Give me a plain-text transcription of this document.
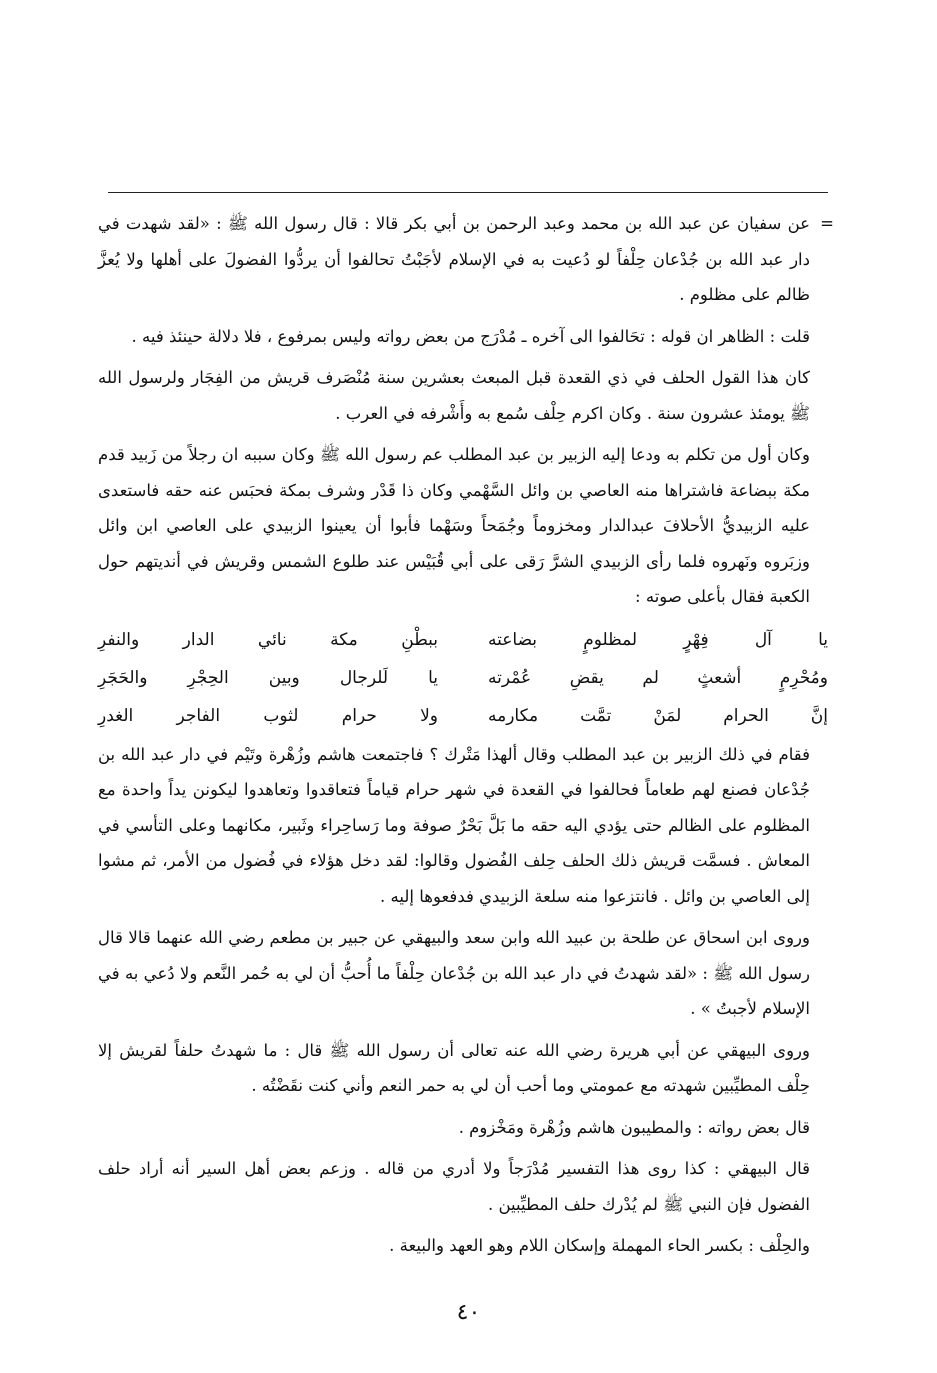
=
عن سفيان عن عبد الله بن محمد وعبد الرحمن بن أبي بكر قالا : قال رسول الله ﷺ : «لقد شهدت في دار عبد الله بن جُدْعان حِلْفاً لو دُعيت به في الإسلام لأجَبْتُ تحالفوا أن يردُّوا الفضولَ على أهلها ولا يُعزَّ ظالم على مظلوم .

قلت : الظاهر ان قوله : تحَالفوا الى آخره ـ مُدْرَج من بعض رواته وليس بمرفوع ، فلا دلالة حينئذ فيه .

كان هذا القول الحلف في ذي القعدة قبل المبعث بعشرين سنة مُنْصَرف قريش من الفِجَار ولرسول الله ﷺ يومئذ عشرون سنة . وكان اكرم حِلْف سُمع به وأَشْرفه في العرب .

وكان أول من تكلم به ودعا إليه الزبير بن عبد المطلب عم رسول الله ﷺ وكان سببه ان رجلاً من زَبيد قدم مكة ببضاعة فاشتراها منه العاصي بن وائل السَّهْمي وكان ذا قَدْر وشرف بمكة فحبَس عنه حقه فاستعدى عليه الزبيديُّ الأحلافَ عبدالدار ومخزوماً وجُمَحاً وسَهْما فأبوا أن يعينوا الزبيدي على العاصي ابن وائل وزبَروه ونَهروه فلما رأى الزبيدي الشرَّ رَقى على أبي قُبَيْس عند طلوع الشمس وقريش في أنديتهم حول الكعبة فقال بأعلى صوته :

يا آل فِهْرٍ لمظلومٍ بضاعته
ببطْنِ مكة نائي الدار والنفرِ
ومُحْرِمٍ أشعثٍ لم يقضِ عُمْرته
يا لَلرجال وبين الحِجْرِ والحَجَرِ
إنَّ الحرام لمَنْ تمَّت مكارمه
ولا حرام لثوب الفاجر الغدرِ

فقام في ذلك الزبير بن عبد المطلب وقال ألهذا مَتْرك ؟ فاجتمعت هاشم وزُهْرة وتَيْم في دار عبد الله بن جُدْعان فصنع لهم طعاماً فحالفوا في القعدة في شهر حرام قياماً فتعاقدوا وتعاهدوا ليكونن يداً واحدة مع المظلوم على الظالم حتى يؤدي اليه حقه ما بَلَّ بَحْرٌ صوفة وما رَساحِراء وثَبير، مكانهما وعلى التأسي في المعاش . فسمَّت قريش ذلك الحلف حِلف الفُضول وقالوا: لقد دخل هؤلاء في فُضول من الأمر، ثم مشوا إلى العاصي بن وائل . فانتزعوا منه سلعة الزبيدي فدفعوها إليه .

وروى ابن اسحاق عن طلحة بن عبيد الله وابن سعد والبيهقي عن جبير بن مطعم رضي الله عنهما قالا قال رسول الله ﷺ : «لقد شهدتُ في دار عبد الله بن جُدْعان حِلْفاً ما أُحبُّ أن لي به حُمر النَّعم ولا دُعي به في الإسلام لأجبتُ » .

وروى البيهقي عن أبي هريرة رضي الله عنه تعالى أن رسول الله ﷺ قال : ما شهدتُ حلفاً لقريش إلا حِلْف المطيِّبين شهدته مع عمومتي وما أحب أن لي به حمر النعم وأني كنت نقَضْتُه .

قال بعض رواته : والمطيبون هاشم وزُهْرة ومَخْزوم .

قال البيهقي : كذا روى هذا التفسير مُدْرَجاً ولا أدري من قاله . وزعم بعض أهل السير أنه أراد حلف الفضول فإن النبي ﷺ لم يُدْرك حلف المطيِّبين .

والحِلْف : بكسر الحاء المهملة وإسكان اللام وهو العهد والبيعة .

٤٠
